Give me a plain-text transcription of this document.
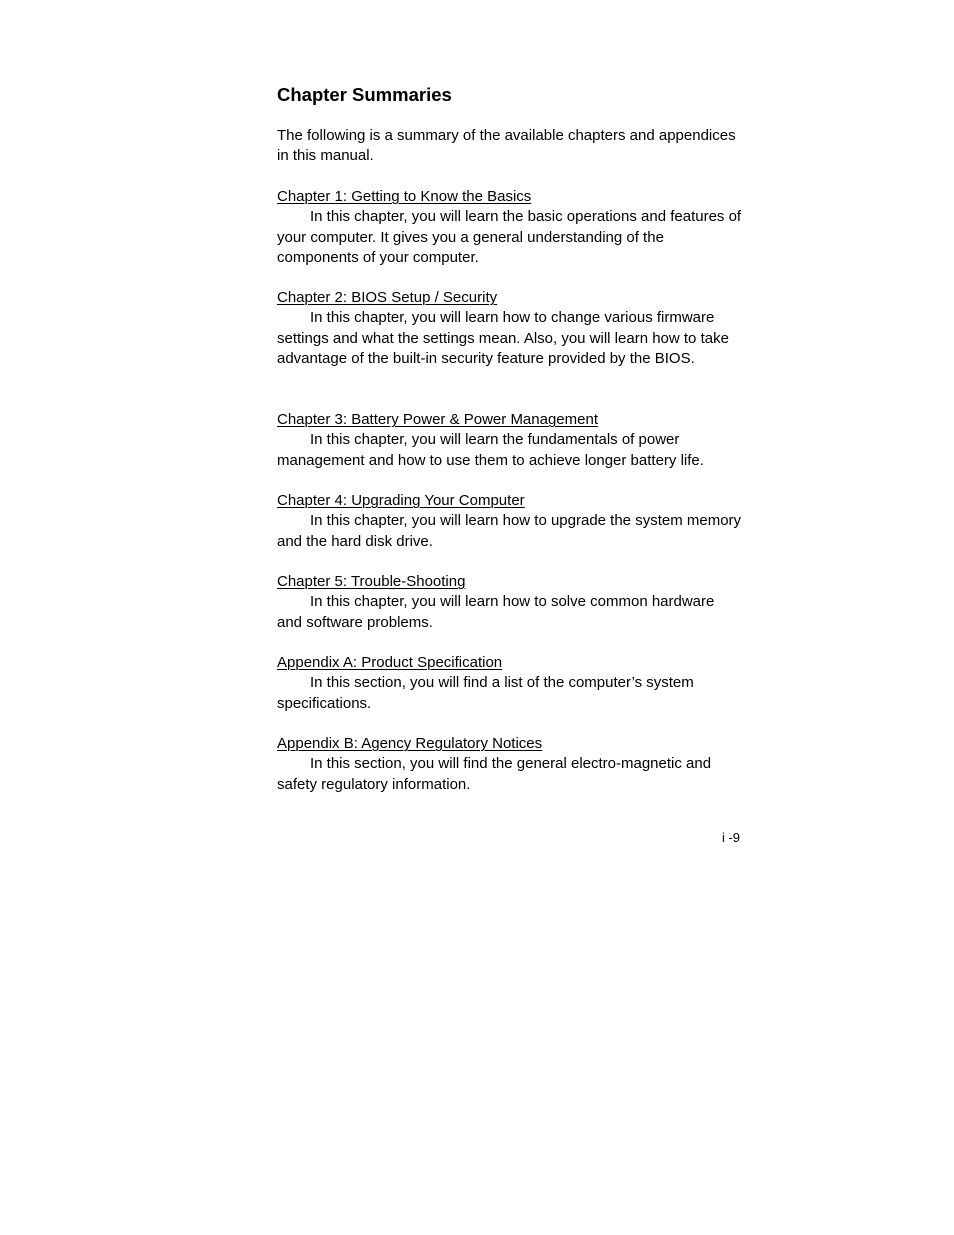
Chapter Summaries

The following is a summary of the available chapters and appendices in this manual.

Chapter 1: Getting to Know the Basics

In this chapter, you will learn the basic operations and features of your computer. It gives you a general understanding of the components of your computer.

Chapter 2: BIOS Setup / Security

In this chapter, you will learn how to change various firmware settings and what the settings mean. Also, you will learn how to take advantage of the built-in security feature provided by the BIOS.

Chapter 3: Battery Power & Power Management

In this chapter, you will learn the fundamentals of power management and how to use them to achieve longer battery life.

Chapter 4: Upgrading Your Computer

In this chapter, you will learn how to upgrade the system memory and the hard disk drive.

Chapter 5: Trouble-Shooting

In this chapter, you will learn how to solve common hardware and software problems.

Appendix A: Product Specification

In this section, you will find a list of the computer’s system specifications.

Appendix B: Agency Regulatory Notices

In this section, you will find the general electro-magnetic and safety regulatory information.

i -9
